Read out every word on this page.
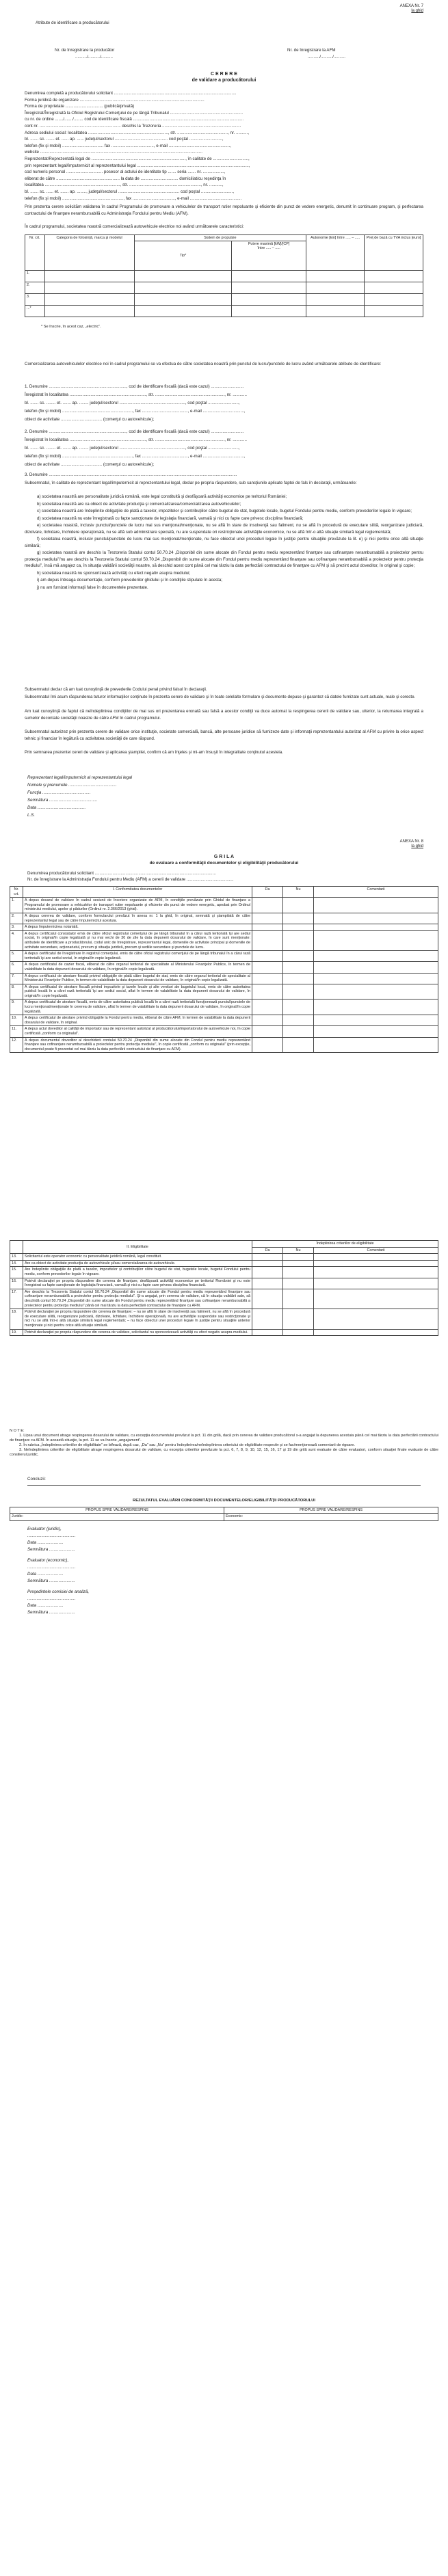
ANEXA Nr. 7
la ghid
Atribute de identificare a producătorului
Nr. de înregistrare la producător	Nr. de înregistrare la AFM
........../........../..........	........../........../..........
C E R E R E
de validare a producătorului
Denumirea completă a producătorului solicitant ........................................................................................................
Forma juridică de organizare ..........................................................................................................
Forma de proprietate ................................ (publică/privată)
Înregistrat/Înregistrată la Oficiul Registrului Comerţului de pe lângă Tribunalul ..............................................................
cu nr. de ordine ......./......./........ cod de identificare fiscală ..............................................................................................
cont nr. ..................................................................... deschis la Trezoreria ...................................................................
Adresa sediului social: localitatea ...................................................................., str. ..........................................., nr. ..........,
bl. ....... sc. ....... et. ...... ap. ...... judeţul/sectorul ............................................. cod poştal ............................,
telefon (fix şi mobil) ................................... fax ...................................., e-mail ....................................................,
website ..........................................................................................................................................
Reprezentat/Reprezentată legal de ................................................................................, în calitate de ..............................,
prin reprezentant legal/împuternicit al reprezentantului legal ...............................................................................................,
cod numeric personal ............................... posesor al actului de identitate tip ....... seria ....... nr. ..................,
eliberat de către ...................................................... la data de ................................ domiciliat/cu reşedinţa în
localitatea ................................................................, str. ............................................................., nr. ...........,
bl. ....... sc. ...... et. ....... ap. ........, judeţul/sectorul .................................................... cod poştal ...........................,
telefon (fix şi mobil) ...................................................., fax ...................................., e-mail ............................................
Prin prezenta cerere solicităm validarea în cadrul Programului de promovare a vehiculelor de transport rutier nepoluante şi eficiente din punct de vedere energetic, denumit în continuare program, şi perfectarea contractului de finanţare nerambursabilă cu Administraţia Fondului pentru Mediu (AFM).
În cadrul programului, societatea noastră comercializează autovehicule electrice noi având următoarele caracteristici:
Nr. crt.	Categoria de folosinţă, marca şi modelul	Sistem de propulsie		Autonomie [km] între ..... – .....	Preţ de bază cu TVA inclus [euro]
		Tip*	Putere maximă [kW]/[CP]
între ..... – .....		
1.					
2.					
3.					
...*					
* Se înscrie, în acest caz, „electric”.
Comercializarea autovehiculelor electrice noi în cadrul programului se va efectua de către societatea noastră prin punctul de lucru/punctele de lucru având următoarele atribute de identificare:
1. Denumire .................................................................., cod de identificare fiscală (dacă este cazul) ............................
Înregistrat în localitatea ................................................................., str. ..........................................................., nr. ............
bl. ....... sc. ........ et. ....... ap. ........ judeţul/sectorul ........................................................, cod poştal ..........................,
telefon (fix şi mobil) ............................................................, fax ......................................., e-mail ...................................,
obiect de activitate ................................... (comerţul cu autovehicule);
2. Denumire .................................................................., cod de identificare fiscală (dacă este cazul) ............................
Înregistrat în localitatea ................................................................., str. ..........................................................., nr. ............
bl. ....... sc. ........ et. ....... ap. ........ judeţul/sectorul ........................................................, cod poştal ..........................,
telefon (fix şi mobil) ............................................................, fax ......................................., e-mail ...................................,
obiect de activitate ................................... (comerţul cu autovehicule);
3. Denumire ................................................................................................................................................................
Subsemnatul, în calitate de reprezentant legal/împuternicit al reprezentantului legal, declar pe propria răspundere, sub sancţiunile aplicate faptei de fals în declaraţii, următoarele:
a) societatea noastră are personalitate juridică română, este legal constituită şi desfăşoară activităţi economice pe teritoriul României;
b) societatea noastră are ca obiect de activitate producţia şi comercializarea/comercializarea autovehiculelor;
c) societatea noastră are îndeplinite obligaţiile de plată a taxelor, impozitelor şi contribuţiilor către bugetul de stat, bugetele locale, bugetul Fondului pentru mediu, conform prevederilor legale în vigoare;
d) societatea noastră nu este înregistrată cu fapte sancţionate de legislaţia financiară, vamală şi nici cu fapte care privesc disciplina financiară;
e) societatea noastră, inclusiv punctul/punctele de lucru mai sus menţionat/menţionate, nu se află în stare de insolvenţă sau faliment, nu se află în procedură de executare silită, reorganizare judiciară, dizolvare, lichidare, închidere operaţională, nu se află sub administrare specială, nu are suspendate ori restricţionate activităţile economice, nu se află într-o altă situaţie similară legal reglementată;
f) societatea noastră, inclusiv punctul/punctele de lucru mai sus menţionat/menţionate, nu face obiectul unei proceduri legale în justiţie pentru situaţiile prevăzute la lit. e) şi nici pentru orice altă situaţie similară;
g) societatea noastră are deschis la Trezoreria Statului contul 50.70.24 „Disponibil din sume alocate din Fondul pentru mediu reprezentând finanţare sau cofinanţare nerambursabilă a proiectelor pentru protecţia mediului”/nu are deschis la Trezoreria Statului contul 50.70.24 „Disponibil din sume alocate din Fondul pentru mediu reprezentând finanţare sau cofinanţare nerambursabilă a proiectelor pentru protecţia mediului”, însă mă angajez ca, în situaţia validării societăţii noastre, să deschid acest cont până cel mai târziu la data perfectării contractului de finanţare cu AFM şi să prezint actul doveditor, în original şi copie;
h) societatea noastră nu sponsorizează activităţi cu efect negativ asupra mediului;
i) am depus întreaga documentaţie, conform prevederilor ghidului şi în condiţiile stipulate în acesta;
j) nu am furnizat informaţii false în documentele prezentate.
Subsemnatul declar că am luat cunoştinţă de prevederile Codului penal privind falsul în declaraţii.
Subsemnatul îmi asum răspunderea tuturor informaţiilor conţinute în prezenta cerere de validare şi în toate celelalte formulare şi documente depuse şi garantez că datele furnizate sunt actuale, reale şi corecte.
Am luat cunoştinţă de faptul că neîndeplinirea condiţiilor de mai sus ori prezentarea eronată sau falsă a acestor condiţii va duce automat la respingerea cererii de validare sau, ulterior, la returnarea integrală a sumelor decontate societăţii noastre de către AFM în cadrul programului.
Subsemnatul autorizez prin prezenta cerere de validare orice instituţie, societate comercială, bancă, alte persoane juridice să furnizeze date şi informaţii reprezentantului autorizat al AFM cu privire la orice aspect tehnic şi financiar în legătură cu activitatea societăţii de care răspund.
Prin semnarea prezentei cereri de validare şi aplicarea ştampilei, confirm că am înţeles şi mi-am însuşit în integralitate conţinutul acesteia.
Reprezentant legal/împuternicit al reprezentantului legal
Numele şi prenumele .........................................
Funcţia .........................................
Semnătura .........................................
Data .........................................
L.S.
ANEXA Nr. 8
la ghid
G R I L A
de evaluare a conformităţii documentelor şi eligibilităţii producătorului
Denumirea producătorului solicitant .......................................................................................................
Nr. de înregistrare la Administraţia Fondului pentru Mediu (AFM) a cererii de validare ........................................
Nr. crt.	I. Conformitatea documentelor	Da	Nu	Comentarii
1.	A depus dosarul de validare în cadrul sesiunii de înscriere organizate de AFM, în condiţiile prevăzute prin Ghidul de finanţare a Programului de promovare a vehiculelor de transport rutier nepoluante şi eficiente din punct de vedere energetic, aprobat prin Ordinul ministrului mediului, apelor şi pădurilor (Ordinul nr. 2.366/2013 (ghid).			
2.	A depus cererea de validare, conform formularului prevăzut în anexa nr. 1 la ghid, în original, semnată şi ştampilată de către reprezentantul legal sau de către împuternicitul acestuia.			
3.	A depus împuternicirea notarială.			
4.	A depus certificatul constatator emis de către oficiul registrului comerţului de pe lângă tribunalul în a cărui rază teritorială îşi are sediul social, în original/în copie legalizată şi nu mai vechi de 30 de zile la data depunerii dosarului de validare, în care sunt menţionate: atributele de identificare a producătorului, codul unic de înregistrare, reprezentantul legal, domeniile de activitate principal şi domeniile de activitate secundare, acţionariatul, precum şi situaţia juridică, precum şi sediile secundare şi punctele de lucru.			
5.	A depus certificatul de înregistrare în registrul comerţului, emis de către oficiul registrului comerţului de pe lângă tribunalul în a cărui rază teritorială îşi are sediul social, în original/în copie legalizată.			
6.	A depus certificatul de cazier fiscal, eliberat de către organul teritorial de specialitate al Ministerului Finanţelor Publice, în termen de valabilitate la data depunerii dosarului de validare, în original/în copie legalizată.			
7.	A depus certificatul de atestare fiscală privind obligaţiile de plată către bugetul de stat, emis de către organul teritorial de specialitate al Ministerului Finanţelor Publice, în termen de valabilitate la data depunerii dosarului de validare, în original/în copie legalizată.			
8.	A depus certificatul de atestare fiscală privind impozitele şi taxele locale şi alte venituri ale bugetului local, emis de către autoritatea publică locală în a cărei rază teritorială îşi are sediul social, aflat în termen de valabilitate la data depunerii dosarului de validare, în original/în copie legalizată.			
9.	A depus certificatul de atestare fiscală, emis de către autoritatea publică locală în a cărei rază teritorială funcţionează punctul/punctele de lucru menţionat/menţionate în cererea de validare, aflat în termen de valabilitate la data depunerii dosarului de validare, în original/în copie legalizată.			
10.	A depus certificatul de atestare privind obligaţiile la Fondul pentru mediu, eliberat de către AFM, în termen de valabilitate la data depunerii dosarului de validare, în original.			
11.	A depus actul doveditor al calităţii de importator sau de reprezentant autorizat al producătorului/importatorului de autovehicule noi, în copie certificată „conform cu originalul”.			
12.	A depus documentul doveditor al deschiderii contului 50.70.24 „Disponibil din sume alocate din Fondul pentru mediu reprezentând finanţare sau cofinanţare nerambursabilă a proiectelor pentru protecţia mediului”, în copie certificată „conform cu originalul” (prin excepţie, documentul poate fi prezentat cel mai târziu la data perfectării contractului de finanţare cu AFM).			
	II. Eligibilitate	Îndeplinirea criteriilor de eligibilitate		
		Da	Nu	Comentarii
13.	Solicitantul este operator economic cu personalitate juridică română, legal constituit.			
14.	Are ca obiect de activitate producţia de autovehicule şi/sau comercializarea de autovehicule.			
15.	Are îndeplinite obligaţiile de plată a taxelor, impozitelor şi contribuţiilor către bugetul de stat, bugetele locale, bugetul Fondului pentru mediu, conform prevederilor legale în vigoare.			
16.	Potrivit declaraţiei pe propria răspundere din cererea de finanţare, desfăşoară activităţi economice pe teritoriul României şi nu este înregistrat cu fapte sancţionate de legislaţia financiară, vamală şi nici cu fapte care privesc disciplina financiară.			
17.	Are deschis la Trezoreria Statului contul 50.70.24 „Disponibil din sume alocate din Fondul pentru mediu reprezentând finanţare sau cofinanţare nerambursabilă a proiectelor pentru protecţia mediului”. Şi-a angajat, prin cererea de validare, că în situaţia validării sale, să deschidă contul 50.70.24 „Disponibil din sume alocate din Fondul pentru mediu reprezentând finanţare sau cofinanţare nerambursabilă a proiectelor pentru protecţia mediului” până cel mai târziu la data perfectării contractului de finanţare cu AFM.			
18.	Potrivit declaraţiei pe propria răspundere din cererea de finanţare: – nu se află în stare de insolvenţă sau faliment, nu se află în procedură de executare silită, reorganizare judiciară, dizolvare, lichidare, închidere operaţională, nu are activităţile suspendate sau restricţionate şi nici nu se află într-o altă situaţie similară legal reglementată; – nu face obiectul unei proceduri legale în justiţie pentru situaţiile anterior menţionate şi nici pentru orice altă situaţie similară.			
19.	Potrivit declaraţiei pe propria răspundere din cererea de validare, solicitantul nu sponsorizează activităţi cu efect negativ asupra mediului.			
N O T E:
1. Lipsa unui document atrage respingerea dosarului de validare, cu excepţia documentului prevăzut la pct. 11 din grilă, dacă prin cererea de validare producătorul s-a angajat la depunerea acestuia până cel mai târziu la data perfectării contractului de finanţare cu AFM. În această situaţie, la pct. 11 se va înscrie „angajament”.
2. În rubrica „Îndeplinirea criteriilor de eligibilitate” se bifează, după caz, „Da” sau „Nu” pentru îndeplinirea/neîndeplinirea criteriului de eligibilitate respectiv şi se fac/menţionează comentarii de rigoare.
3. Neîndeplinirea criteriilor de eligibilitate atrage respingerea dosarului de validare, cu excepţia criteriilor prevăzute la pct. 6, 7, 8, 9, 10, 12, 15, 16, 17 şi 19 din grilă sunt evaluate de către evaluatori, conform situaţiei finale evaluate de către consilierul juridic.
Concluzii:
REZULTATUL EVALUĂRII CONFORMITĂŢII DOCUMENTELOR/ELIGIBILITĂŢII PRODUCĂTORULUI
PROPUS SPRE VALIDARE/RESPINS	PROPUS SPRE VALIDARE/RESPINS
Juridic:	Economic:
Evaluator (juridic),
.........................................
Data ......................
Semnătura ......................
Evaluator (economic),
.........................................
Data ......................
Semnătura ......................
Preşedintele comisiei de analiză,
.........................................
Data ......................
Semnătura ......................
